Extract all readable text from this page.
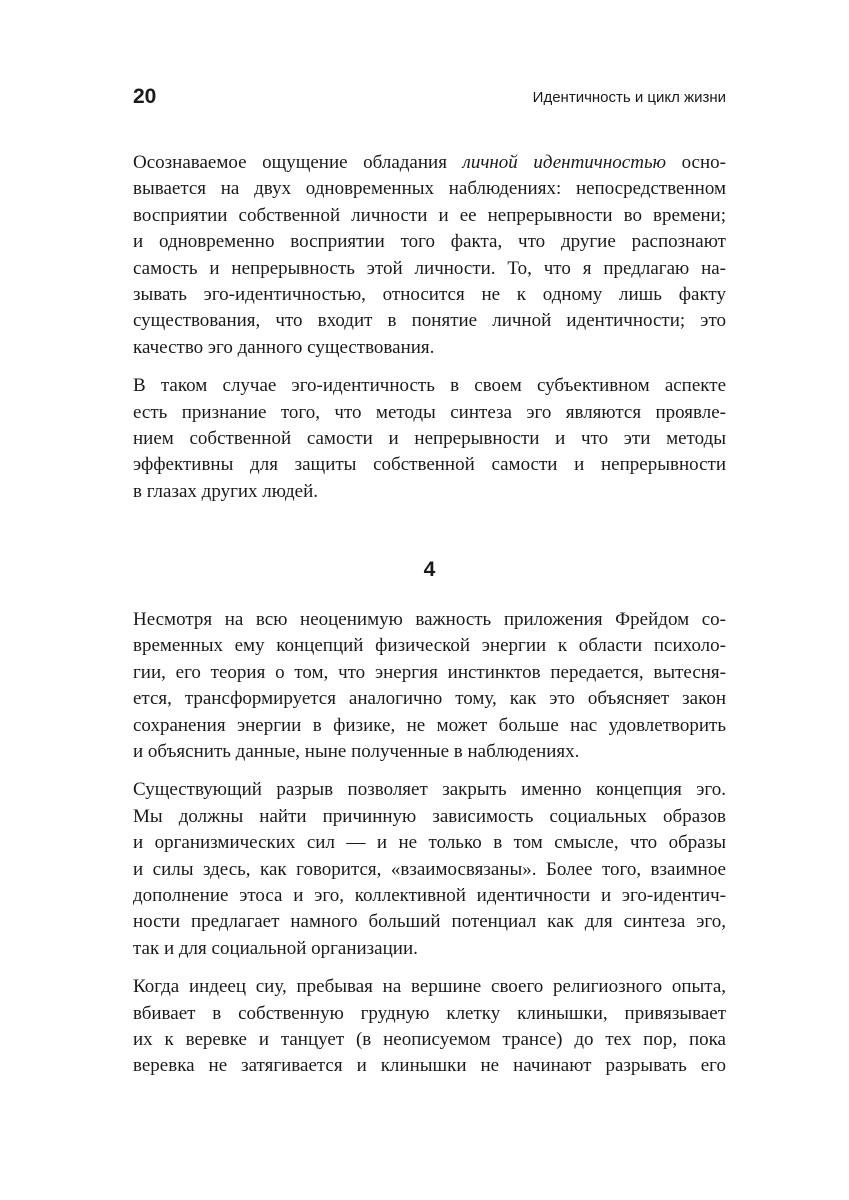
20	Идентичность и цикл жизни

Осознаваемое ощущение обладания личной идентичностью осно-
вывается на двух одновременных наблюдениях: непосредственном
восприятии собственной личности и ее непрерывности во времени;
и одновременно восприятии того факта, что другие распознают
самость и непрерывность этой личности. То, что я предлагаю на-
зывать эго-идентичностью, относится не к одному лишь факту
существования, что входит в понятие личной идентичности; это
качество эго данного существования.

В таком случае эго-идентичность в своем субъективном аспекте
есть признание того, что методы синтеза эго являются проявле-
нием собственной самости и непрерывности и что эти методы
эффективны для защиты собственной самости и непрерывности
в глазах других людей.

4

Несмотря на всю неоценимую важность приложения Фрейдом со-
временных ему концепций физической энергии к области психоло-
гии, его теория о том, что энергия инстинктов передается, вытесня-
ется, трансформируется аналогично тому, как это объясняет закон
сохранения энергии в физике, не может больше нас удовлетворить
и объяснить данные, ныне полученные в наблюдениях.

Существующий разрыв позволяет закрыть именно концепция эго.
Мы должны найти причинную зависимость социальных образов
и организмических сил — и не только в том смысле, что образы
и силы здесь, как говорится, «взаимосвязаны». Более того, взаимное
дополнение этоса и эго, коллективной идентичности и эго-идентич-
ности предлагает намного больший потенциал как для синтеза эго,
так и для социальной организации.

Когда индеец сиу, пребывая на вершине своего религиозного опыта,
вбивает в собственную грудную клетку клинышки, привязывает
их к веревке и танцует (в неописуемом трансе) до тех пор, пока
веревка не затягивается и клинышки не начинают разрывать его
